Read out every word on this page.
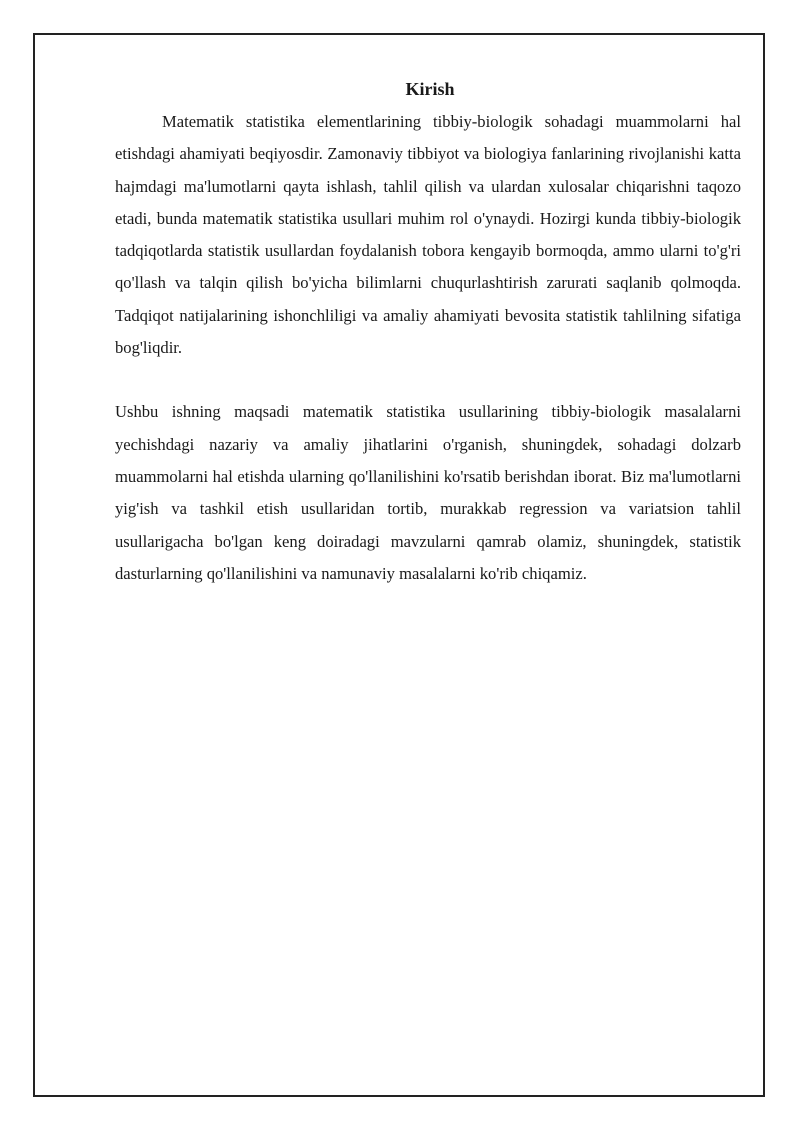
Kirish

Matematik statistika elementlarining tibbiy-biologik sohadagi muammolarni hal etishdagi ahamiyati beqiyosdir. Zamonaviy tibbiyot va biologiya fanlarining rivojlanishi katta hajmdagi ma'lumotlarni qayta ishlash, tahlil qilish va ulardan xulosalar chiqarishni taqozo etadi, bunda matematik statistika usullari muhim rol o'ynaydi. Hozirgi kunda tibbiy-biologik tadqiqotlarda statistik usullardan foydalanish tobora kengayib bormoqda, ammo ularni to'g'ri qo'llash va talqin qilish bo'yicha bilimlarni chuqurlashtirish zarurati saqlanib qolmoqda. Tadqiqot natijalarining ishonchliligi va amaliy ahamiyati bevosita statistik tahlilning sifatiga bog'liqdir.

Ushbu ishning maqsadi matematik statistika usullarining tibbiy-biologik masalalarni yechishdagi nazariy va amaliy jihatlarini o'rganish, shuningdek, sohadagi dolzarb muammolarni hal etishda ularning qo'llanilishini ko'rsatib berishdan iborat. Biz ma'lumotlarni yig'ish va tashkil etish usullaridan tortib, murakkab regression va variatsion tahlil usullarigacha bo'lgan keng doiradagi mavzularni qamrab olamiz, shuningdek, statistik dasturlarning qo'llanilishini va namunaviy masalalarni ko'rib chiqamiz.
